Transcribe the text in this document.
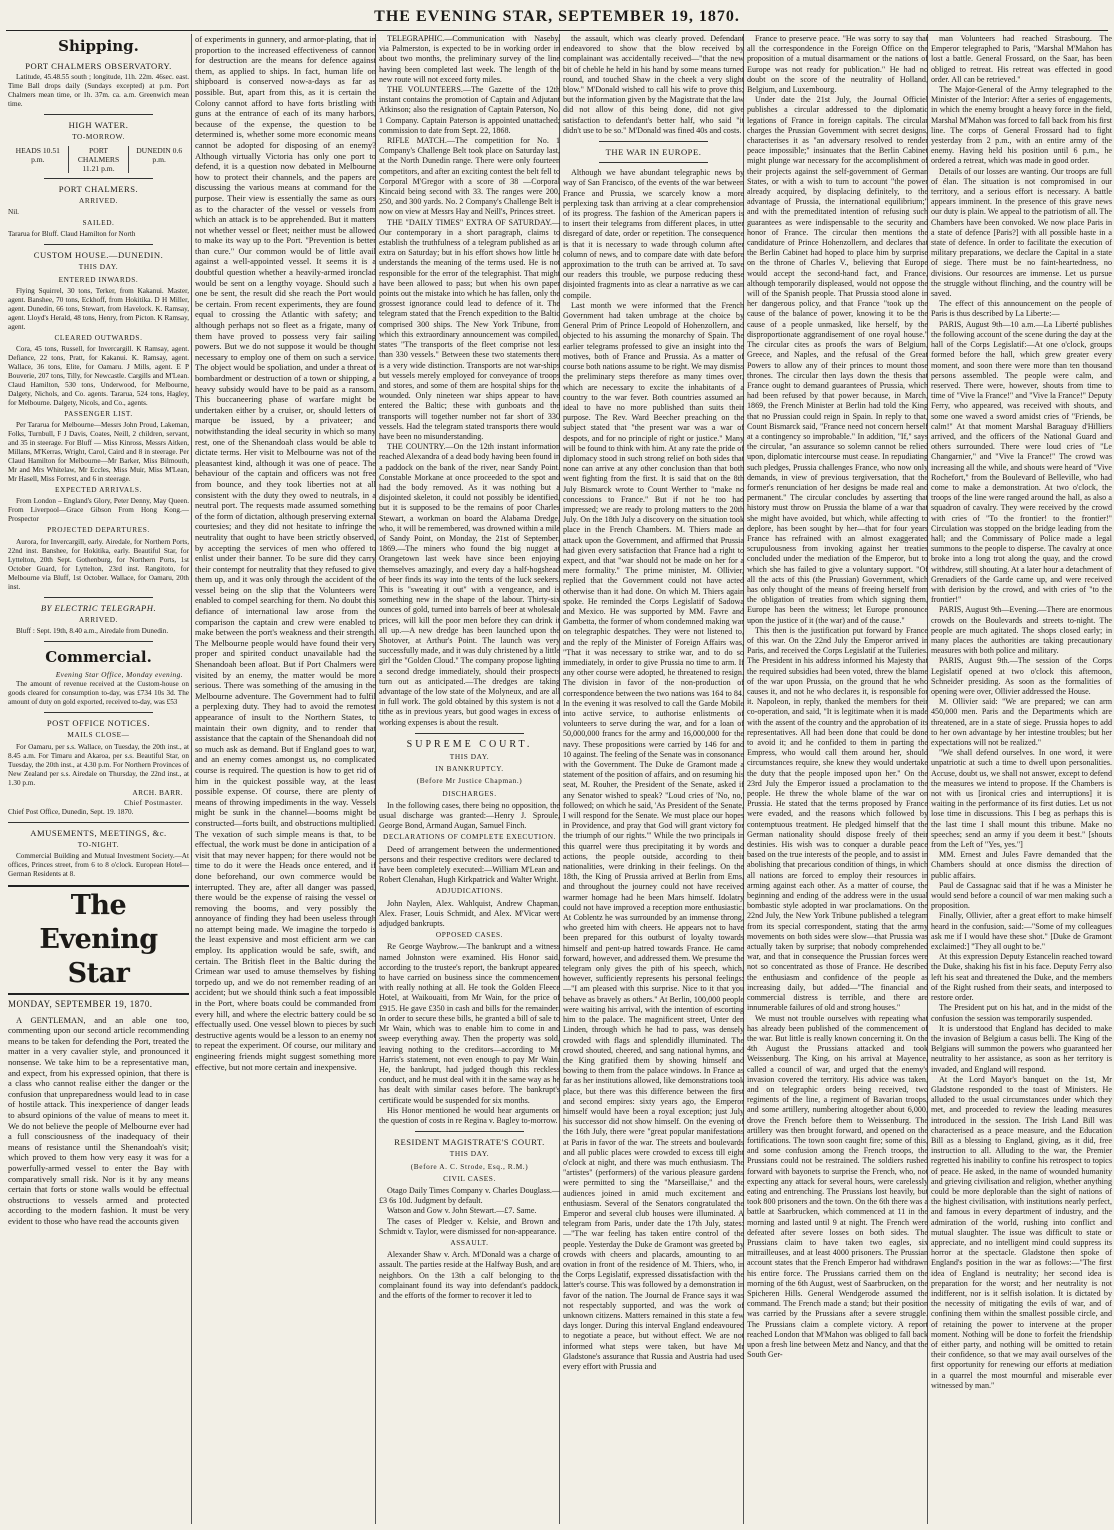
THE EVENING STAR, SEPTEMBER 19, 1870.
Shipping.
PORT CHALMERS OBSERVATORY.

Latitude, 45.48.55 south ; longitude, 11h. 22m. 46sec. east. Time Ball drops daily (Sundays excepted) at p.m. Port Chalmers mean time, or 1h. 37m. ca. a.m. Greenwich mean time.

HIGH WATER.
TO-MORROW.
HEADS 10.51 p.m.
PORT CHALMERS 11.21 p.m.
DUNEDIN 0.6 p.m.
PORT CHALMERS.
ARRIVED.

Nil.

SAILED.

Tararua for Bluff. Claud Hamilton for North

CUSTOM HOUSE.—DUNEDIN.
THIS DAY.
ENTERED INWARDS.

Flying Squirrel, 30 tons, Terker, from Kakanui. Master, agent. Banshee, 70 tons, Eckhoff, from Hokitika. D H Miller, agent. Dunedin, 66 tons, Stewart, from Havelock. K. Ramsay, agent. Lloyd's Herald, 48 tons, Henry, from Picton. K Ramsay, agent.

CLEARED OUTWARDS.

Cora, 45 tons, Russell, for Invercargill. K Ramsay, agent. Defiance, 22 tons, Pratt, for Kakanui. K. Ramsay, agent. Wallace, 36 tons, Elite, for Oamaru. J Mills, agent. E P Bouverie, 207 tons, Tilly, for Newcastle. Cargills and M'Lean. Claud Hamilton, 530 tons, Underwood, for Melbourne, Dalgety, Nichols, and Co. agents. Tararua, 524 tons, Hagley, for Melbourne. Dalgety, Nicols, and Co., agents.

PASSENGER LIST.

Per Tararua for Melbourne—Messrs John Proud, Lakeman, Folks, Turnbull, F J Davis, Coates, Neill, 2 children, servant, and 35 in steerage. For Bluff — Miss Kinross, Messrs Aitken, Millans, M'Kerras, Wright, Carol, Caird and 8 in steerage. Per Claud Hamilton for Melbourne—Mr Barker, Miss Bilmouth, Mr and Mrs Whitelaw, Mr Eccles, Miss Muir, Miss M'Lean, Mr Hasell, Miss Forrest, and 6 in steerage.

EXPECTED ARRIVALS.

From London – England's Glory, Peter Denny, May Queen. From Liverpool—Grace Gibson From Hong Kong.—Prospector

PROJECTED DEPARTURES.

Aurora, for Invercargill, early. Airedale, for Northern Ports, 22nd inst. Banshee, for Hokitika, early. Beautiful Star, for Lyttelton, 20th Sept. Gothenburg, for Northern Ports, 1st October Guard, for Lyttelton, 23rd inst. Rangitoto, for Melbourne via Bluff, 1st October. Wallace, for Oamaru, 20th inst.

BY ELECTRIC TELEGRAPH.
ARRIVED.

Bluff : Sept. 19th, 8.40 a.m., Airedale from Dunedin.

Commercial.

Evening Star Office, Monday evening.

The amount of revenue received at the Custom-house on goods cleared for consumption to-day, was £734 10s 3d. The amount of duty on gold exported, received to-day, was £53

POST OFFICE NOTICES.
MAILS CLOSE—

For Oamaru, per s.s. Wallace, on Tuesday, the 20th inst., at 8.45 a.m. For Timaru and Akaroa, per s.s. Beautiful Star, on Tuesday, the 20th inst., at 4.30 p.m. For Northern Provinces of New Zealand per s.s. Airedale on Thursday, the 22nd inst., at 1.30 p.m.

ARCH. BARR.

Chief Postmaster.

Chief Post Office, Dunedin, Sept. 19. 1870.

AMUSEMENTS, MEETINGS, &c.
TO-NIGHT.

Commercial Building and Mutual Investment Society.—At offices, Princes street, from 6 to 8 o'clock. European Hotel—German Residents at 8.

The Evening Star
MONDAY, SEPTEMBER 19, 1870.

A GENTLEMAN, and an able one too, commenting upon our second article recommending means to be taken for defending the Port, treated the matter in a very cavalier style, and pronounced it nonsense. We take him to be a representative man, and expect, from his expressed opinion, that there is a class who cannot realise either the danger or the confusion that unpreparedness would lead to in case of hostile attack. This inexperience of danger leads to absurd opinions of the value of means to meet it. We do not believe the people of Melbourne ever had a full consciousness of the inadequacy of their means of resistance until the Shenandoah's visit; which proved to them how very easy it was for a powerfully-armed vessel to enter the Bay with comparatively small risk. Nor is it by any means certain that forts or stone walls would be effectual obstructions to vessels armed and protected according to the modern fashion. It must be very evident to those who have read the accounts given

of experiments in gunnery, and armor-plating, that in proportion to the increased effectiveness of cannon for destruction are the means for defence against them, as applied to ships. In fact, human life on shipboard is conserved now-a-days as far as possible. But, apart from this, as it is certain the Colony cannot afford to have forts bristling with guns at the entrance of each of its many harbors, because of the expense, the question to be determined is, whether some more economic means cannot be adopted for disposing of an enemy? Although virtually Victoria has only one port to defend, it is a question now debated in Melbourne how to protect their channels, and the papers are discussing the various means at command for the purpose. Their view is essentially the same as ours as to the character of the vessel or vessels from which an attack is to be apprehended. But it matters not whether vessel or fleet; neither must be allowed to make its way up to the Port. "Prevention is better than cure." Our common would be of little avail against a well-appointed vessel. It seems it is a doubtful question whether a heavily-armed ironclad would be sent on a lengthy voyage. Should such a one be sent, the result did she reach the Port would be certain. From recent experiments, they are found equal to crossing the Atlantic with safety; and although perhaps not so fleet as a frigate, many of them have proved to possess very fair sailing powers. But we do not suppose it would be thought necessary to employ one of them on such a service. The object would be spoliation, and under a threat of bombardment or destruction of a town or shipping, a heavy subsidy would have to be paid as a ransom. This buccaneering phase of warfare might be undertaken either by a cruiser, or, should letters of marque be issued, by a privateer; and notwithstanding the ideal security in which so many rest, one of the Shenandoah class would be able to dictate terms. Her visit to Melbourne was not of the pleasantest kind, although it was one of peace. The behaviour of the captain and officers was not free from bounce, and they took liberties not at all consistent with the duty they owed to neutrals, in a neutral port. The requests made assumed something of the form of dictation, although preserving external courtesies; and they did not hesitate to infringe the neutrality that ought to have been strictly observed, by accepting the services of men who offered to enlist under their banner. To be sure did they carry their contempt for neutrality that they refused to give them up, and it was only through the accident of the vessel being on the slip that the Volunteers were enabled to compel searching for them. No doubt this defiance of international law arose from the comparison the captain and crew were enabled to make between the port's weakness and their strength. The Melbourne people would have found their very proper and spirited conduct unavailable had the Shenandoah been afloat. But if Port Chalmers were visited by an enemy, the matter would be more serious. There was something of the amusing in the Melbourne adventure. The Government had to fulfil a perplexing duty. They had to avoid the remotest appearance of insult to the Northern States, to maintain their own dignity, and to render that assistance that the captain of the Shenandoah did not so much ask as demand. But if England goes to war, and an enemy comes amongst us, no complicated course is required. The question is how to get rid of him in the quickest possible way, at the least possible expense. Of course, there are plenty of means of throwing impediments in the way. Vessels might be sunk in the channel—booms might be constructed—forts built, and obstructions multiplied. The vexation of such simple means is that, to be effectual, the work must be done in anticipation of a visit that may never happen; for there would not be time to do it were the Heads once entered, and if done beforehand, our own commerce would be interrupted. They are, after all danger was passed, there would be the expense of raising the vessel or removing the booms, and very possibly the annoyance of finding they had been useless through no attempt being made. We imagine the torpedo is the least expensive and most efficient arm we can employ. Its application would be safe, swift, and certain. The British fleet in the Baltic during the Crimean war used to amuse themselves by fishing torpedo up, and we do not remember reading of an accident; but we should think such a feat impossible in the Port, where boats could be commanded from every hill, and where the electric battery could be so effectually used. One vessel blown to pieces by such destructive agents would be a lesson to an enemy not to repeat the experiment. Of course, our military and engineering friends might suggest something more effective, but not more certain and inexpensive.

TELEGRAPHIC.—Communication with Naseby, via Palmerston, is expected to be in working order in about two months, the preliminary survey of the line having been completed last week. The length of the new route will not exceed forty miles.

THE VOLUNTEERS.—The Gazette of the 12th instant contains the promotion of Captain and Adjutant Atkinson; also the resignation of Captain Paterson, No. 1 Company. Captain Paterson is appointed unattached; commission to date from Sept. 22, 1868.

RIFLE MATCH.—The competition for No. 1 Company's Challenge Belt took place on Saturday last, at the North Dunedin range. There were only fourteen competitors, and after an exciting contest the belt fell to Corporal M'Gregor with a score of 38 —Corporal Kincaid being second with 33. The ranges were 200, 250, and 300 yards. No. 2 Company's Challenge Belt is now on view at Messrs Hay and Neill's, Princes street.

THE "DAILY TIMES" EXTRA OF SATURDAY.—Our contemporary in a short paragraph, claims to establish the truthfulness of a telegram published as an extra on Saturday; but in his effort shows how little he understands the meaning of the terms used. He is not responsible for the error of the telegraphist. That might have been allowed to pass; but when his own paper points out the mistake into which he has fallen, only the grossest ignorance could lead to defence of it. The telegram stated that the French expedition to the Baltic comprised 300 ships. The New York Tribune, from which this extraordinary announcement was compiled, states "The transports of the fleet comprise not less than 330 vessels." Between these two statements there is a very wide distinction. Transports are not war-ships but vessels merely employed for conveyance of troops and stores, and some of them are hospital ships for the wounded. Only nineteen war ships appear to have entered the Baltic; these with gunboats and the transports will together number not far short of 330 vessels. Had the telegram stated transports there would have been no misunderstanding.

THE COUNTRY.—On the 12th instant information reached Alexandra of a dead body having been found in a paddock on the bank of the river, near Sandy Point. Constable Morkane at once proceeded to the spot and had the body removed. As it was nothing but a disjointed skeleton, it could not possibly be identified, but it is supposed to be the remains of poor Charles Stewart, a workman on board the Alabama Dredge, who, it will be remembered, was drowned within a mile of Sandy Point, on Monday, the 21st of September, 1869.—The miners who found the big nugget at Orangetown last week have since been enjoying themselves amazingly, and every day a half-hogshead of beer finds its way into the tents of the luck seekers. This is "sweating it out" with a vengeance, and is something new in the shape of the labour. Thirty-six ounces of gold, turned into barrels of beer at wholesale prices, will kill the poor men before they can drink it all up.—A new dredge has been launched upon the Shotover, at Arthur's Point. The launch was very successfully made, and it was duly christened by a little girl the "Golden Cloud." The company propose lighting a second dredge immediately, should their prospects turn out as anticipated.—The dredges are taking advantage of the low state of the Molyneux, and are all in full work. The gold obtained by this system is not a tithe as in previous years, but good wages in excess of working expenses is about the result.

SUPREME COURT.
THIS DAY.
IN BANKRUPTCY.
(Before Mr Justice Chapman.)
DISCHARGES.

In the following cases, there being no opposition, the usual discharge was granted:—Henry J. Sproule, George Bond, Armand Augan, Samuel Finch.

DECLARATIONS OF COMPLETE EXECUTION.

Deed of arrangement between the undermentioned persons and their respective creditors were declared to have been completely executed:—William M'Lean and Robert Clenahan, Hugh Kirkpatrick and Walter Wright.

ADJUDICATIONS.

John Naylen, Alex. Wahlquist, Andrew Chapman, Alex. Fraser, Louis Schmidt, and Alex. M'Vicar were adjudged bankrupts.

OPPOSED CASES.

Re George Waybrow.—The bankrupt and a witness named Johnston were examined. His Honor said, according to the trustee's report, the bankrupt appeared to have carried on business since the commencement with really nothing at all. He took the Golden Fleece Hotel, at Waikouaiti, from Mr Wain, for the price of £915. He gave £350 in cash and bills for the remainder. In order to secure these bills, he granted a bill of sale to Mr Wain, which was to enable him to come in and sweep everything away. Then the property was sold, leaving nothing to the creditors—according to Mr Harris's statement, not even enough to pay Mr Wain. He, the bankrupt, had judged though this reckless conduct, and he must deal with it in the same way as he has dealt with similar cases before. The bankrupt's certificate would be suspended for six months.

His Honor mentioned he would hear arguments on the question of costs in re Regina v. Bagley to-morrow.

RESIDENT MAGISTRATE'S COURT.
THIS DAY.
(Before A. C. Strode, Esq., R.M.)
CIVIL CASES.

Otago Daily Times Company v. Charles Douglass.—£3 6s 10d. Judgment by default.

Watson and Gow v. John Stewart.—£7. Same.

The cases of Pledger v. Kelsie, and Brown and Schmidt v. Taylor, were dismissed for non-appearance.

ASSAULT.

Alexander Shaw v. Arch. M'Donald was a charge of assault. The parties reside at the Halfway Bush, and are neighbors. On the 13th a calf belonging to the complainant found its way into defendant's paddock, and the efforts of the former to recover it led to

the assault, which was clearly proved. Defendant endeavored to show that the blow received by complainant was accidentally received—"that the new bit of cheble he held in his hand by some means turned round, and touched Shaw in the cheek a very slight blow." M'Donald wished to call his wife to prove this; but the information given by the Magistrate that the law did not allow of this being done, did not give satisfaction to defendant's better half, who said "it didn't use to be so." M'Donald was fined 40s and costs.

THE WAR IN EUROPE.

Although we have abundant telegraphic news by way of San Francisco, of the events of the war between France and Prussia, we scarcely know a more perplexing task than arriving at a clear comprehension of its progress. The fashion of the American papers is to insert their telegrams from different places, in utter disregard of date, order or repetition. The consequence is that it is necessary to wade through column after column of news, and to compare date with date before approximation to the truth can be arrived at. To save our readers this trouble, we purpose reducing these disjointed fragments into as clear a narrative as we can compile.

Last month we were informed that the French Government had taken umbrage at the choice by General Prim of Prince Leopold of Hohenzollern, and objected to his assuming the monarchy of Spain. The earlier telegrams professed to give an insight into the motives, both of France and Prussia. As a matter of course both nations assume to be right. We may dismiss the preliminary steps therefore as many times over, which are necessary to excite the inhabitants of a country to the war fever. Both countries assumed an ideal to have no more published than suits their purpose. The Rev. Ward Beecher preaching on the subject stated that "the present war was a war of despots, and for no principle of right or justice." Many will be found to think with him. At any rate the pride of diplomacy stood in such strong relief on both sides that none can arrive at any other conclusion than that both went fighting from the first. It is said that on the 8th July Bismarck wrote to Count Werther to "make no concessions to France." But if not he too had impressed; we are ready to prolong matters to the 20th July. On the 18th July a discovery on the situation took place in the French Chambers. M. Thiers made an attack upon the Government, and affirmed that Prussia had given every satisfaction that France had a right to expect, and that "war should not be made on her for a mere formality." The prime minister, M. Ollivier, replied that the Government could not have acted otherwise than it had done. On which M. Thiers again spoke. He reminded the Corps Legislatif of Sadowa and Mexico. He was supported by MM. Favre and Gambetta, the former of whom condemned making war on telegraphic despatches. They were not listened to, and the reply of the Minister of Foreign Affairs was, "That it was necessary to strike war, and to do so immediately, in order to give Prussia no time to arm. If any other course were adopted, he threatened to resign. The division in favor of the non-production of correspondence between the two nations was 164 to 84. In the evening it was resolved to call the Garde Mobile into active service, to authorise enlistments of volunteers to serve during the war, and for a loan of 50,000,000 francs for the army and 16,000,000 for the navy. These propositions were carried by 146 for and 10 against. The feeling of the Senate was in consonance with the Government. The Duke de Gramont made a statement of the position of affairs, and on resuming his seat, M. Rouher, the President of the Senate, asked if any Senator wished to speak? "Loud cries of 'No, no,' followed; on which he said, 'As President of the Senate, I will respond for the Senate. We must place our hopes in Providence, and pray that God will grant victory for the triumph of our rights.'" While the two principals in this quarrel were thus precipitating it by words and actions, the people outside, according to their nationalities, were drinking in their feelings. On the 18th, the King of Prussia arrived at Berlin from Ems, and throughout the journey could not have received warmer homage had he been Mars himself. Idolatry could not have improved a reception more enthusiastic. At Coblentz he was surrounded by an immense throng, who greeted him with cheers. He appears not to have been prepared for this outburst of loyalty towards himself and pent-up hatred towards France. He came forward, however, and addressed them. We presume the telegram only gives the pith of his speech, which, however, sufficiently represents his personal feelings:—"I am pleased with this surprise. Nice to it that you behave as bravely as others." At Berlin, 100,000 people were waiting his arrival, with the intention of escorting him to the palace. The magnificent street, Unter den Linden, through which he had to pass, was densely crowded with flags and splendidly illuminated. The crowd shouted, cheered, and sang national hymns, and the King gratified them by showing himself and bowing to them from the palace windows. In France as far as her institutions allowed, like demonstrations took place, but there was this difference between the first and second empires: sixty years ago, the Emperor himself would have been a royal exception; just July his successor did not show himself. On the evening of the 16th July, there were "great popular manifestations at Paris in favor of the war. The streets and boulevards and all public places were crowded to excess till eight o'clock at night, and there was much enthusiasm. The "artistes" (performers) of the various pleasure gardens were permitted to sing the "Marseillaise," and the audiences joined in amid much excitement and enthusiasm. Several of the Senators congratulated the Emperor and several club houses were illuminated. A telegram from Paris, under date the 17th July, states:—"The war feeling has taken entire control of the people. Yesterday the Duke de Gramont was greeted by crowds with cheers and placards, amounting to an ovation in front of the residence of M. Thiers, who, in the Corps Legislatif, expressed dissatisfaction with the latter's course. This was followed by a demonstration in favor of the nation. The Journal de France says it was not respectably supported, and was the work of unknown citizens. Matters remained in this state a few days longer. During this interval England endeavoured to negotiate a peace, but without effect. We are not informed what steps were taken, but have Mr Gladstone's assurance that Russia and Austria had used every effort with Prussia and

France to preserve peace. "He was sorry to say that all the correspondence in the Foreign Office on the proposition of a mutual disarmament or the nations of Europe was not ready for publication." He had no doubt on the score of the neutrality of Holland, Belgium, and Luxembourg.

Under date the 21st July, the Journal Officiel publishes a circular addressed to the diplomatic legations of France in foreign capitals. The circular charges the Prussian Government with secret designs, characterises it as "an adversary resolved to render peace impossible;" insinuates that the Berlin Cabinet might plunge war necessary for the accomplishment of their projects against the self-government of German States, or with a wish to turn to account "the power already acquired, by displacing definitely, to the advantage of Prussia, the international equilibrium;" and with the premeditated intention of refusing such guarantees as were indispensable to the security and honor of France. The circular then mentions the candidature of Prince Hohenzollern, and declares that the Berlin Cabinet had hoped to place him by surprise on the throne of Charles V., believing that Europe would accept the second-hand fact, and France, although temporarily displeased, would not oppose the will of the Spanish people. That Prussia stood alone in her dangerous policy, and that France "took up the cause of the balance of power, knowing it to be the cause of a people unmasked, like herself, by the disproportionate aggrandisement of one royal house." The circular cites as proofs the wars of Belgium, Greece, and Naples, and the refusal of the Great Powers to allow any of their princes to mount those thrones. The circular then lays down the thesis that France ought to demand guarantees of Prussia, which had been refused by that power because, in March, 1869, the French Minister at Berlin had told the King that no Prussian could reign in Spain. In reply to that, Count Bismarck said, "France need not concern herself at a contingency so improbable." In addition, "If," says the circular, "an assurance so solemn cannot be relied upon, diplomatic intercourse must cease. In repudiating such pledges, Prussia challenges France, who now only demands, in view of previous tergiversation, that the former's renunciation of her designs be made real and permanent." The circular concludes by asserting that history must throw on Prussia the blame of a war that she might have avoided, but which, while affecting to deplore, has been sought by her—that for four years France has refrained with an almost exaggerated scrupulousness from invoking against her treaties concluded under the mediation of the Emperor, but to which she has failed to give a voluntary support. "Of all the acts of this (the Prussian) Government, which has only thought of the means of freeing herself from the obligation of treaties from which signing them, Europe has been the witness; let Europe pronounce upon the justice of it (the war) and of the cause."

This then is the justification put forward by France of this war. On the 22nd July the Emperor arrived in Paris, and received the Corps Legislatif at the Tuileries. The President in his address informed his Majesty that the required subsidies had been voted, threw the blame of the war upon Prussia, on the ground that he who causes it, and not he who declares it, is responsible for it. Napoleon, in reply, thanked the members for their co-operation, and said, "It is legitimate when it is made with the assent of the country and the approbation of its representatives. All had been done that could be done to avoid it; and he confided to them in parting the Empress, who would call them around her, should circumstances require, she knew they would undertake the duty that the people imposed upon her." On the 23rd July the Emperor issued a proclamation to the people. He threw the whole blame of the war on Prussia. He stated that the terms proposed by France were evaded, and the reasons which followed by contemptuous treatment. He pledged himself that the German nationality should dispose freely of their destinies. His wish was to conquer a durable peace based on the true interests of the people, and to assist in abolishing that precarious condition of things, in which all nations are forced to employ their resources in arming against each other. As a matter of course, the beginning and ending of the address were in the usual bombastic style adopted in war proclamations. On the 22nd July, the New York Tribune published a telegram from its special correspondent, stating that the army movements on both sides were slow—that Prussia was actually taken by surprise; that nobody comprehended war, and that in consequence the Prussian forces were not so concentrated as those of France. He described the enthusiasm and confidence of the people as increasing daily, but added—"The financial and commercial distress is terrible, and there are innumerable failures of old and strong houses."

We must not trouble ourselves with repeating what has already been published of the commencement of the war. But little is really known concerning it. On the 4th August the Prussians attacked and took Weissenburg. The King, on his arrival at Mayence, called a council of war, and urged that the enemy's invasion covered the territory. His advice was taken, and on telegraphic orders being received, two regiments of the line, a regiment of Bavarian troops, and some artillery, numbering altogether about 6,000, drove the French before them to Weissenburg. The artillery was then brought forward, and opened on the fortifications. The town soon caught fire; some of this, and some confusion among the French troops, the Prussians could not be restrained. The soldiers rushed forward with bayonets to surprise the French, who, not expecting any attack for several hours, were carelessly eating and entrenching. The Prussians lost heavily, but took 800 prisoners and the town. On the 6th there was a battle at Saarbrucken, which commenced at 11 in the morning and lasted until 9 at night. The French were defeated after severe losses on both sides. The Prussians claim to have taken two eagles, six mitrailleuses, and at least 4000 prisoners. The Prussian account states that the French Emperor had withdrawn his entire force. The Prussians carried them on the morning of the 6th August, west of Saarbrucken, on the Spicheren Hills. General Wendgerode assumed the command. The French made a stand; but their position was carried by the Prussians after a severe struggle. The Prussians claim a complete victory. A report reached London that M'Mahon was obliged to fall back upon a fresh line between Metz and Nancy, and that the South Ger-

man Volunteers had reached Strasbourg. The Emperor telegraphed to Paris, "Marshal M'Mahon has lost a battle. General Frossard, on the Saar, has been obliged to retreat. His retreat was effected in good order. All can be retrieved."

The Major-General of the Army telegraphed to the Minister of the Interior: After a series of engagements, in which the enemy brought a heavy force in the field, Marshal M'Mahon was forced to fall back from his first line. The corps of General Frossard had to fight yesterday from 2 p.m., with an entire army of the enemy. Having held his position until 6 p.m., he ordered a retreat, which was made in good order.

Details of our losses are wanting. Our troops are full of élan. The situation is not compromised in our territory, and a serious effort is necessary. A battle appears imminent. In the presence of this grave news our duty is plain. We appeal to the patriotism of all. The Chambers have been convoked. We now place Paris in a state of defence [Paris?] with all possible haste in a state of defence. In order to facilitate the execution of military preparations, we declare the Capital in a state of siege. There must be no faint-heartedness, no divisions. Our resources are immense. Let us pursue the struggle without flinching, and the country will be saved.

The effect of this announcement on the people of Paris is thus described by La Liberte:—

PARIS, August 9th—10 a.m.—La Liberté publishes the following account of the scene during the day at the hall of the Corps Legislatif:—At one o'clock, groups formed before the hall, which grew greater every moment, and soon there were more than ten thousand persons assembled. The people were calm, and reserved. There were, however, shouts from time to time of "Vive la France!" and "Vive la France!" Deputy Ferry, who appeared, was received with shouts, and some one waved a sword amidst cries of "Friends, be calm!" At that moment Marshal Baraguay d'Hilliers arrived, and the officers of the National Guard and others surrounded. There were loud cries of "Le Changarnier," and "Vive la France!" The crowd was increasing all the while, and shouts were heard of "Vive Rochefort," from the Boulevard of Belleville, who had come to make a demonstration. At two o'clock, the troops of the line were ranged around the hall, as also a squadron of cavalry. They were received by the crowd with cries of "To the frontier! to the frontier!" Circulation was stopped on the bridge leading from the hall; and the Commissary of Police made a legal summons to the people to disperse. The cavalry at once broke into a long trot along the quay, and the crowd withdrew, still shouting. At a later hour a detachment of Grenadiers of the Garde came up, and were received with derision by the crowd, and with cries of "to the frontier!"

PARIS, August 9th—Evening.—There are enormous crowds on the Boulevards and streets to-night. The people are much agitated. The shops closed early; in many places the authorities are taking precautionary measures with both police and military.

PARIS, August 9th.—The session of the Corps Legislatif opened at two o'clock this afternoon, Schneider presiding. As soon as the formalities of opening were over, Ollivier addressed the House.

M. Ollivier said: "We are prepared; we can arm 450,000 men. Paris and the Departments which are threatened, are in a state of siege. Prussia hopes to add to her own advantage by her intestine troubles; but her expectations will not be realized."

"We shall defend ourselves. In one word, it were unpatriotic at such a time to dwell upon personalities. Accuse, doubt us, we shall not answer, except to defend the measures we intend to propose. If the Chambers is not with us [ironical cries and interruptions] it is waiting in the performance of its first duties. Let us not lose time in discussions. This I beg as perhaps this is the last time I shall mount this tribune. Make no speeches; send an army if you deem it best." [shouts from the Left of "Yes, yes."]

MM. Ernest and Jules Favre demanded that the Chambers should at once dismiss the direction of public affairs.

Paul de Cassagnac said that if he was a Minister he would send before a council of war men making such a proposition.

Finally, Ollivier, after a great effort to make himself heard in the confusion, said:—"Some of my colleagues ask me if I would have these shot." [Duke de Gramont exclaimed:] "They all ought to be."

At this expression Deputy Estancelin reached toward the Duke, shaking his fist in his face. Deputy Ferry also left his seat and threatened the Duke, and the members of the Right rushed from their seats, and interposed to restore order.

The President put on his hat, and in the midst of the confusion the session was temporarily suspended.

It is understood that England has decided to make the invasion of Belgium a casus belli. The King of the Belgians will summon the powers who guaranteed her neutrality to her assistance, as soon as her territory is invaded, and England will respond.

At the Lord Mayor's banquet on the 1st, Mr Gladstone responded to the toast of Ministers. He alluded to the usual circumstances under which they met, and proceeded to review the leading measures introduced in the session. The Irish Land Bill was characterised as a peace measure, and the Education Bill as a blessing to England, giving, as it did, free instruction to all. Alluding to the war, the Premier regretted his inability to confine his retrospect to topics of peace. He asked, in the name of wounded humanity and grieving civilisation and religion, whether anything could be more deplorable than the sight of nations of the highest civilisation, with institutions nearly perfect, and famous in every department of industry, and the admiration of the world, rushing into conflict and mutual slaughter. The issue was difficult to state or appreciate, and no intelligent mind could suppress its horror at the spectacle. Gladstone then spoke of England's position in the war as follows:—"The first idea of England is neutrality; her second idea is preparation for the worst; and her neutrality is not indifferent, nor is it selfish isolation. It is dictated by the necessity of mitigating the evils of war, and of confining them within the smallest possible circle, and of retaining the power to intervene at the proper moment. Nothing will be done to forfeit the friendship of either party, and nothing will be omitted to retain their confidence, so that we may avail ourselves of the first opportunity for renewing our efforts at mediation in a quarrel the most mournful and miserable ever witnessed by man."
